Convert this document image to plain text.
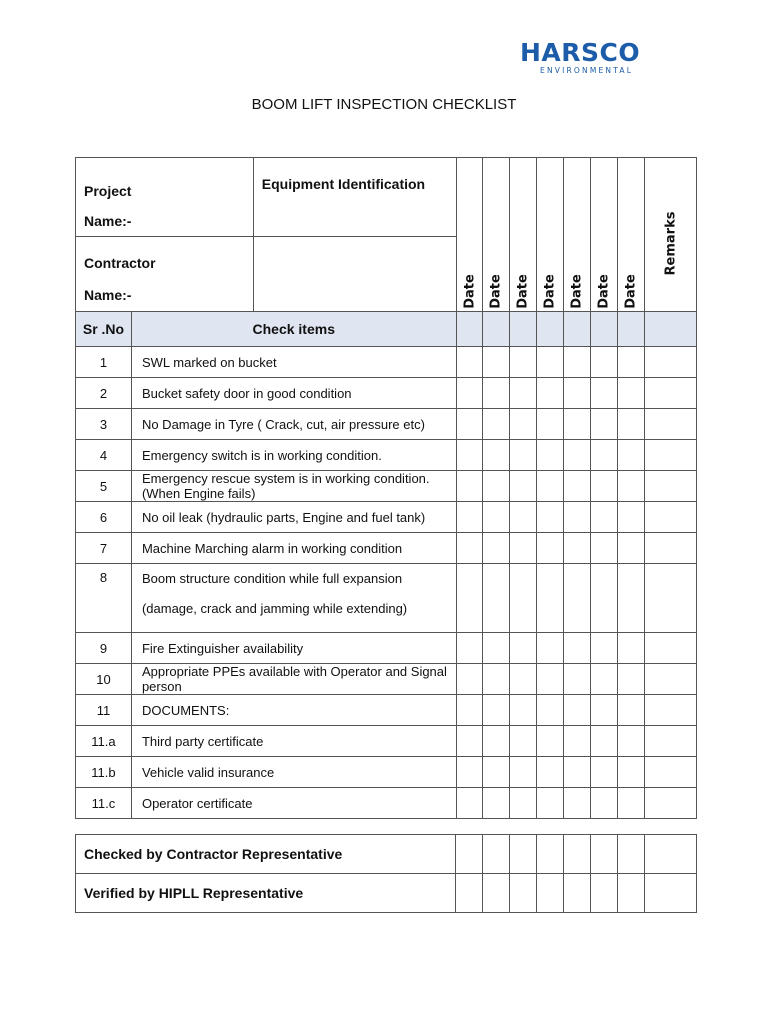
HARSCO
ENVIRONMENTAL
BOOM LIFT INSPECTION CHECKLIST
Project
Name:-		Equipment Identification	Date	Date	Date	Date	Date	Date	Date	Remarks

Contractor
Name:-										

Sr .No	Check items									
1	SWL marked on bucket									
2	Bucket safety door in good condition									
3	No Damage in Tyre ( Crack, cut, air pressure etc)									
4	Emergency switch is in working condition.									
5	Emergency rescue system is in working condition.(When Engine fails)									
6	No oil leak (hydraulic parts, Engine and fuel tank)									
7	Machine Marching alarm in working condition									
8	Boom structure condition while full expansion (damage, crack and jamming while extending)									
9	Fire Extinguisher availability									
10	Appropriate PPEs available with Operator and Signal person									
11	DOCUMENTS:									
11.a	Third party certificate									
11.b	Vehicle valid insurance									
11.c	Operator certificate									
Checked by Contractor Representative								
Verified by HIPLL Representative								
